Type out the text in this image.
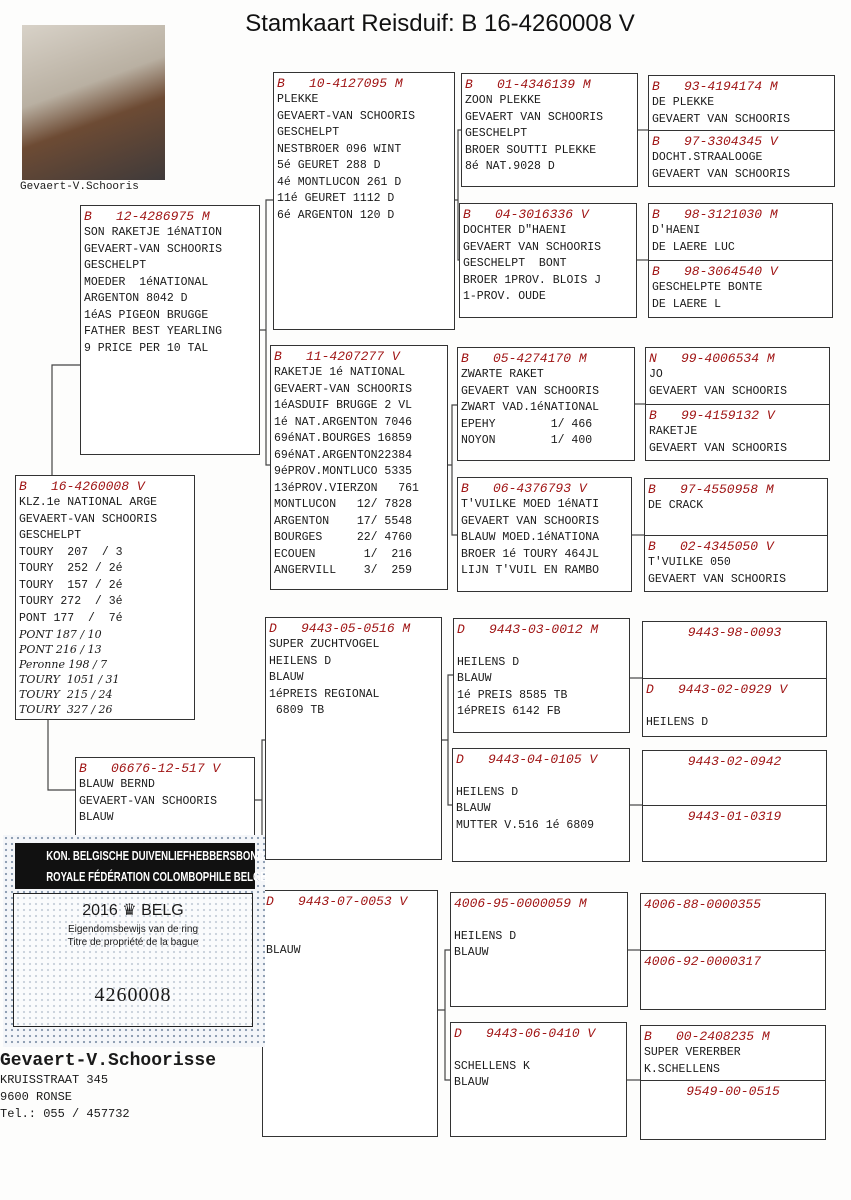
Stamkaart Reisduif: B 16-4260008 V
Gevaert-V.Schooris
B 16-4260008 V
KLZ.1e NATIONAL ARGE
GEVAERT-VAN SCHOORIS
GESCHELPT
TOURY  207  / 3
TOURY  252 / 2é
TOURY  157 / 2é
TOURY 272  / 3é
PONT 177  /  7é
PONT 187 / 10
PONT 216 / 13
Peronne 198 / 7
TOURY  1051 / 31
TOURY  215 / 24
TOURY  327 / 26
B 12-4286975 M
SON RAKETJE 1éNATION
GEVAERT-VAN SCHOORIS
GESCHELPT
MOEDER  1éNATIONAL
ARGENTON 8042 D
1éAS PIGEON BRUGGE
FATHER BEST YEARLING
9 PRICE PER 10 TAL
B 06676-12-517 V
BLAUW BERND
GEVAERT-VAN SCHOORIS
BLAUW
B 10-4127095 M
PLEKKE
GEVAERT-VAN SCHOORIS
GESCHELPT
NESTBROER 096 WINT
5é GEURET 288 D
4é MONTLUCON 261 D
11é GEURET 1112 D
6é ARGENTON 120 D
B 11-4207277 V
RAKETJE 1é NATIONAL
GEVAERT-VAN SCHOORIS
1éASDUIF BRUGGE 2 VL
1é NAT.ARGENTON 7046
69éNAT.BOURGES 16859
69éNAT.ARGENTON22384
9éPROV.MONTLUCO 5335
13éPROV.VIERZON   761
MONTLUCON   12/ 7828
ARGENTON    17/ 5548
BOURGES     22/ 4760
ECOUEN       1/  216
ANGERVILL    3/  259
D 9443-05-0516 M
SUPER ZUCHTVOGEL
HEILENS D
BLAUW
1éPREIS REGIONAL
6809 TB
D 9443-07-0053 V

BLAUW
B 01-4346139 M
ZOON PLEKKE
GEVAERT VAN SCHOORIS
GESCHELPT
BROER SOUTTI PLEKKE
8é NAT.9028 D
B 04-3016336 V
DOCHTER D"HAENI
GEVAERT VAN SCHOORIS
GESCHELPT  BONT
BROER 1PROV. BLOIS J
1-PROV. OUDE
B 05-4274170 M
ZWARTE RAKET
GEVAERT VAN SCHOORIS
ZWART VAD.1éNATIONAL
EPEHY        1/ 466
NOYON        1/ 400
B 06-4376793 V
T'VUILKE MOED 1éNATI
GEVAERT VAN SCHOORIS
BLAUW MOED.1éNATIONA
BROER 1é TOURY 464JL
LIJN T'VUIL EN RAMBO
D 9443-03-0012 M

HEILENS D
BLAUW
1é PREIS 8585 TB
1éPREIS 6142 FB
D 9443-04-0105 V

HEILENS D
BLAUW
MUTTER V.516 1é 6809
4006-95-0000059 M

HEILENS D
BLAUW
D 9443-06-0410 V

SCHELLENS K
BLAUW
B 93-4194174 M
DE PLEKKE
GEVAERT VAN SCHOORIS
B 97-3304345 V
DOCHT.STRAALOOGE
GEVAERT VAN SCHOORIS
B 98-3121030 M
D'HAENI
DE LAERE LUC
B 98-3064540 V
GESCHELPTE BONTE
DE LAERE L
N 99-4006534 M
JO
GEVAERT VAN SCHOORIS
B 99-4159132 V
RAKETJE
GEVAERT VAN SCHOORIS
B 97-4550958 M
DE CRACK
B 02-4345050 V
T'VUILKE 050
GEVAERT VAN SCHOORIS
9443-98-0093
D 9443-02-0929 V

HEILENS D
9443-02-0942
9443-01-0319
4006-88-0000355
4006-92-0000317
B 00-2408235 M
SUPER VERERBER
K.SCHELLENS
9549-00-0515
KON. BELGISCHE DUIVENLIEFHEBBERSBOND
ROYALE FÉDÉRATION COLOMBOPHILE BELGE
2016 ♛ BELG
Eigendomsbewijs van de ring
Titre de propriété de la bague
4260008
Gevaert-V.Schoorisse
KRUISSTRAAT 345
9600 RONSE
Tel.: 055 / 457732
